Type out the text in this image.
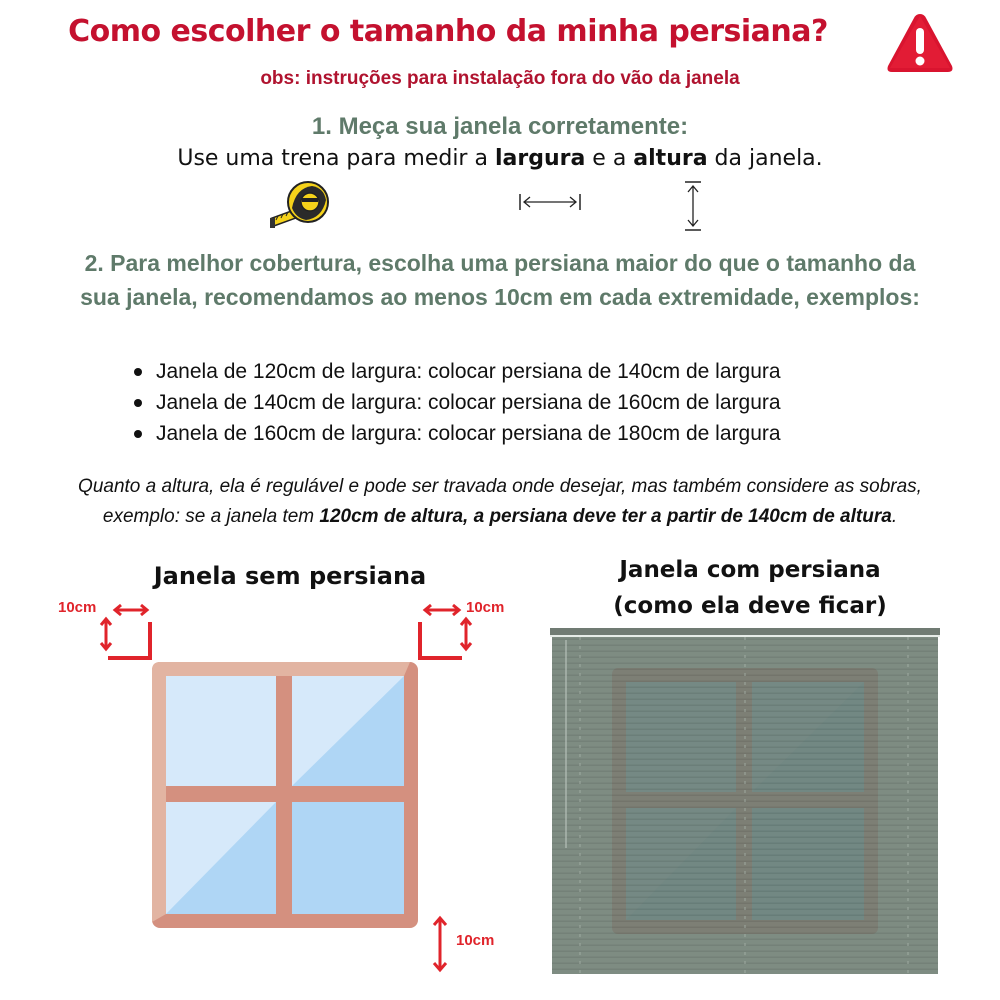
Como escolher o tamanho da minha persiana?
obs: instruções para instalação fora do vão da janela
1. Meça sua janela corretamente:
Use uma trena para medir a largura e a altura da janela.
2. Para melhor cobertura, escolha uma persiana maior do que o tamanho da sua janela, recomendamos ao menos 10cm em cada extremidade, exemplos:
Janela de 120cm de largura: colocar persiana de 140cm de largura
Janela de 140cm de largura: colocar persiana de 160cm de largura
Janela de 160cm de largura: colocar persiana de 180cm de largura
Quanto a altura, ela é regulável e pode ser travada onde desejar, mas também considere as sobras,
exemplo: se a janela tem 120cm de altura, a persiana deve ter a partir de 140cm de altura.
Janela sem persiana
10cm	10cm
10cm
Janela com persiana
(como ela deve ficar)
